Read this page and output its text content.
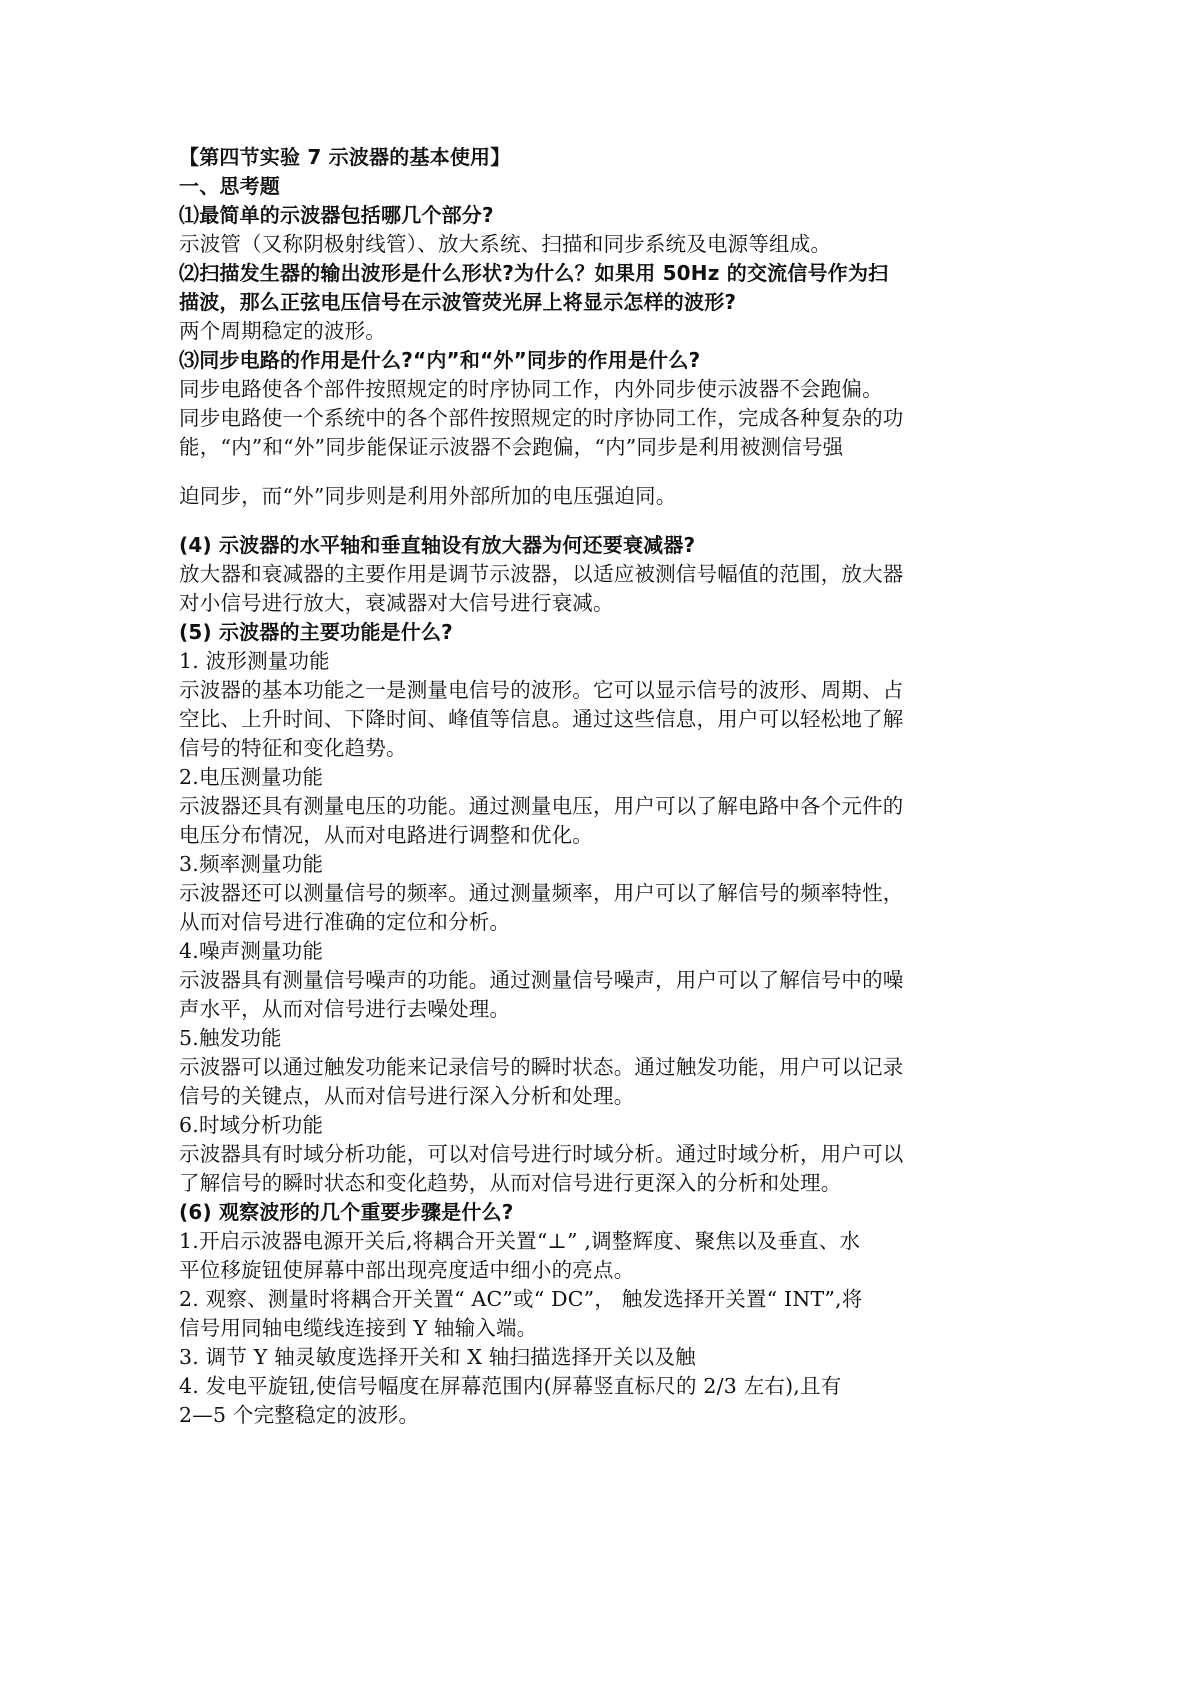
【第四节实验 7 示波器的基本使用】
一、思考题
⑴最简单的示波器包括哪几个部分?
示波管（又称阴极射线管）、放大系统、扫描和同步系统及电源等组成。
⑵扫描发生器的输出波形是什么形状?为什么？如果用 50Hz 的交流信号作为扫
描波，那么正弦电压信号在示波管荧光屏上将显示怎样的波形?
两个周期稳定的波形。
⑶同步电路的作用是什么?“内”和“外”同步的作用是什么?
同步电路使各个部件按照规定的时序协同工作，内外同步使示波器不会跑偏。
同步电路使一个系统中的各个部件按照规定的时序协同工作，完成各种复杂的功
能，“内”和“外”同步能保证示波器不会跑偏，“内”同步是利用被测信号强
迫同步，而“外”同步则是利用外部所加的电压强迫同。
(4) 示波器的水平轴和垂直轴设有放大器为何还要衰减器?
放大器和衰减器的主要作用是调节示波器，以适应被测信号幅值的范围，放大器
对小信号进行放大，衰减器对大信号进行衰减。
(5) 示波器的主要功能是什么?
1. 波形测量功能
示波器的基本功能之一是测量电信号的波形。它可以显示信号的波形、周期、占
空比、上升时间、下降时间、峰值等信息。通过这些信息，用户可以轻松地了解
信号的特征和变化趋势。
2.电压测量功能
示波器还具有测量电压的功能。通过测量电压，用户可以了解电路中各个元件的
电压分布情况，从而对电路进行调整和优化。
3.频率测量功能
示波器还可以测量信号的频率。通过测量频率，用户可以了解信号的频率特性，
从而对信号进行准确的定位和分析。
4.噪声测量功能
示波器具有测量信号噪声的功能。通过测量信号噪声，用户可以了解信号中的噪
声水平，从而对信号进行去噪处理。
5.触发功能
示波器可以通过触发功能来记录信号的瞬时状态。通过触发功能，用户可以记录
信号的关键点，从而对信号进行深入分析和处理。
6.时域分析功能
示波器具有时域分析功能，可以对信号进行时域分析。通过时域分析，用户可以
了解信号的瞬时状态和变化趋势，从而对信号进行更深入的分析和处理。
(6) 观察波形的几个重要步骤是什么?
1.开启示波器电源开关后,将耦合开关置“⊥” ,调整辉度、聚焦以及垂直、水
平位移旋钮使屏幕中部出现亮度适中细小的亮点。
2. 观察、测量时将耦合开关置“ AC”或“ DC”， 触发选择开关置“ INT”,将
信号用同轴电缆线连接到 Y 轴输入端。
3. 调节 Y 轴灵敏度选择开关和 X 轴扫描选择开关以及触
4. 发电平旋钮,使信号幅度在屏幕范围内(屏幕竖直标尺的 2/3 左右),且有
2—5 个完整稳定的波形。
